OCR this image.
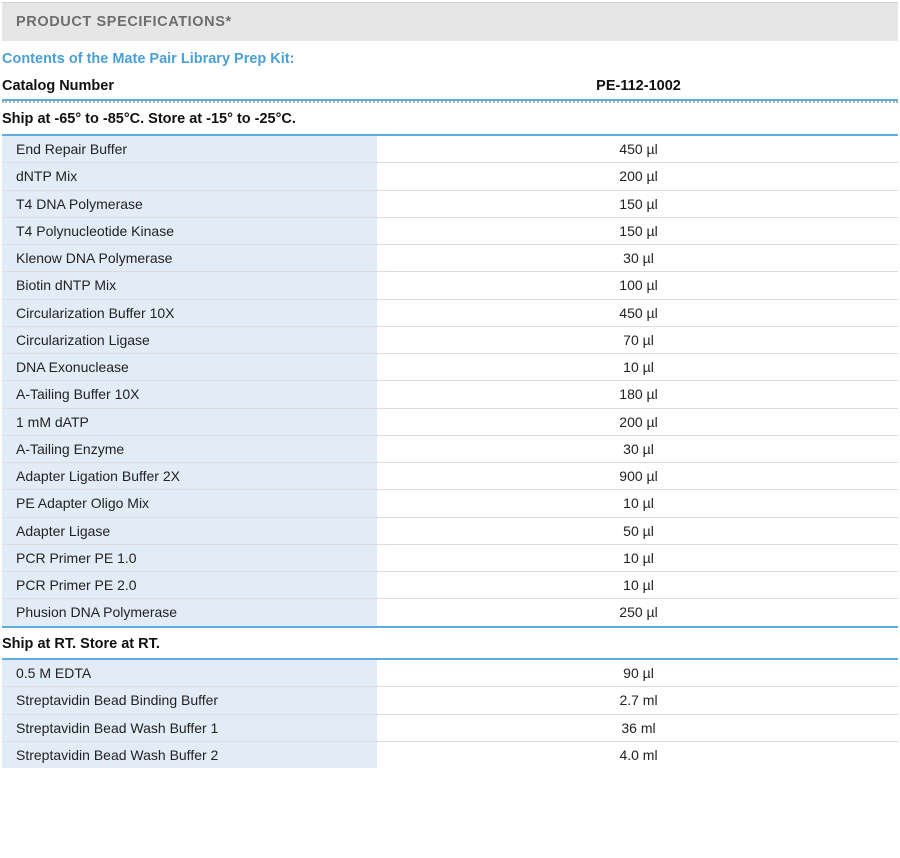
PRODUCT SPECIFICATIONS*
Contents of the Mate Pair Library Prep Kit:
Catalog Number	PE-112-1002
Ship at -65° to -85°C. Store at -15° to -25°C.
End Repair Buffer	450 µl
dNTP Mix	200 µl
T4 DNA Polymerase	150 µl
T4 Polynucleotide Kinase	150 µl
Klenow DNA Polymerase	30 µl
Biotin dNTP Mix	100 µl
Circularization Buffer 10X	450 µl
Circularization Ligase	70 µl
DNA Exonuclease	10 µl
A-Tailing Buffer 10X	180 µl
1 mM dATP	200 µl
A-Tailing Enzyme	30 µl
Adapter Ligation Buffer 2X	900 µl
PE Adapter Oligo Mix	10 µl
Adapter Ligase	50 µl
PCR Primer PE 1.0	10 µl
PCR Primer PE 2.0	10 µl
Phusion DNA Polymerase	250 µl
Ship at RT. Store at RT.
0.5 M EDTA	90 µl
Streptavidin Bead Binding Buffer	2.7 ml
Streptavidin Bead Wash Buffer 1	36 ml
Streptavidin Bead Wash Buffer 2	4.0 ml
